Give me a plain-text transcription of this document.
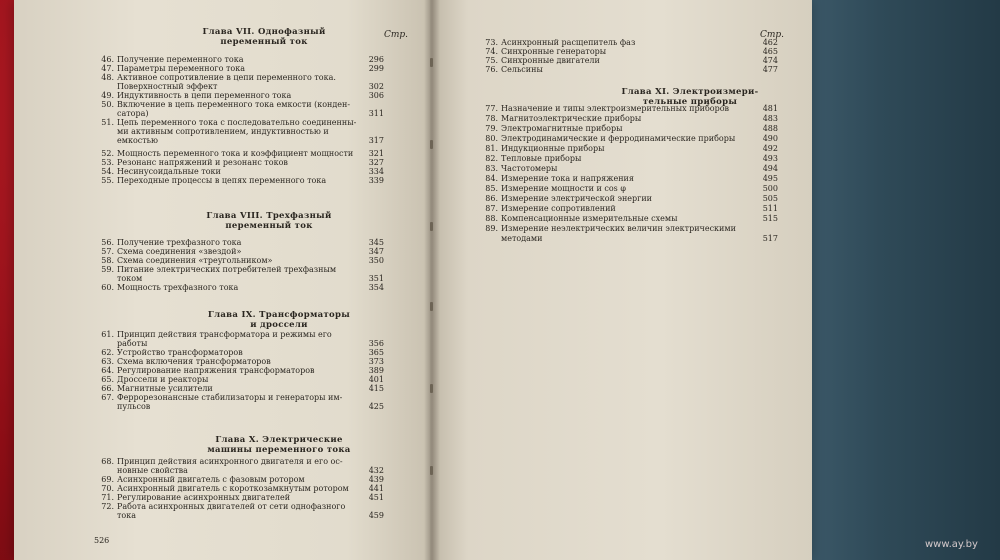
Глава VII. Однофазный
переменный ток
Стр.
46. Получение переменного тока	296
47. Параметры переменного тока	299
48. Активное сопротивление в цепи переменного тока.
Поверхностный эффект	302
49. Индуктивность в цепи переменного тока	306
50. Включение в цепь переменного тока емкости (конден-
сатора)	311
51. Цепь переменного тока с последовательно соединенны-
ми активным сопротивлением, индуктивностью и
емкостью	317
52. Мощность переменного тока и коэффициент мощности 321
53. Резонанс напряжений и резонанс токов	327
54. Несинусоидальные токи	334
55. Переходные процессы в цепях переменного тока	339
56. Получение трехфазного тока	345
57. Схема соединения «звездой»	347
58. Схема соединения «треугольником»	350
59. Питание электрических потребителей трехфазным
током	351
60. Мощность трехфазного тока	354
61. Принцип действия трансформатора и режимы его
работы	356
62. Устройство трансформаторов	365
63. Схема включения трансформаторов	373
64. Регулирование напряжения трансформаторов	389
65. Дроссели и реакторы	401
66. Магнитные усилители	415
67. Феррорезонансные стабилизаторы и генераторы им-
пульсов	425
68. Принцип действия асинхронного двигателя и его ос-
новные свойства	432
69. Асинхронный двигатель с фазовым ротором	439
70. Асинхронный двигатель с короткозамкнутым ротором 441
71. Регулирование асинхронных двигателей	451
72. Работа асинхронных двигателей от сети однофазного
тока	459
Глава VIII. Трехфазный
переменный ток
Глава IX. Трансформаторы
и дроссели
Глава X. Электрические
машины переменного тока
526
Стр.
Глава XI. Электроизмери-
тельные приборы
73. Асинхронный расщепитель фаз	462
74. Синхронные генераторы	465
75. Синхронные двигатели	474
76. Сельсины	477
77. Назначение и типы электроизмерительных приборов	481
78. Магнитоэлектрические приборы	483
79. Электромагнитные приборы	488
80. Электродинамические и ферродинамические приборы	490
81. Индукционные приборы	492
82. Тепловые приборы	493
83. Частотомеры	494
84. Измерение тока и напряжения	495
85. Измерение мощности и cos φ	500
86. Измерение электрической энергии	505
87. Измерение сопротивлений	511
88. Компенсационные измерительные схемы	515
89. Измерение неэлектрических величин электрическими
методами	517
www.ay.by
